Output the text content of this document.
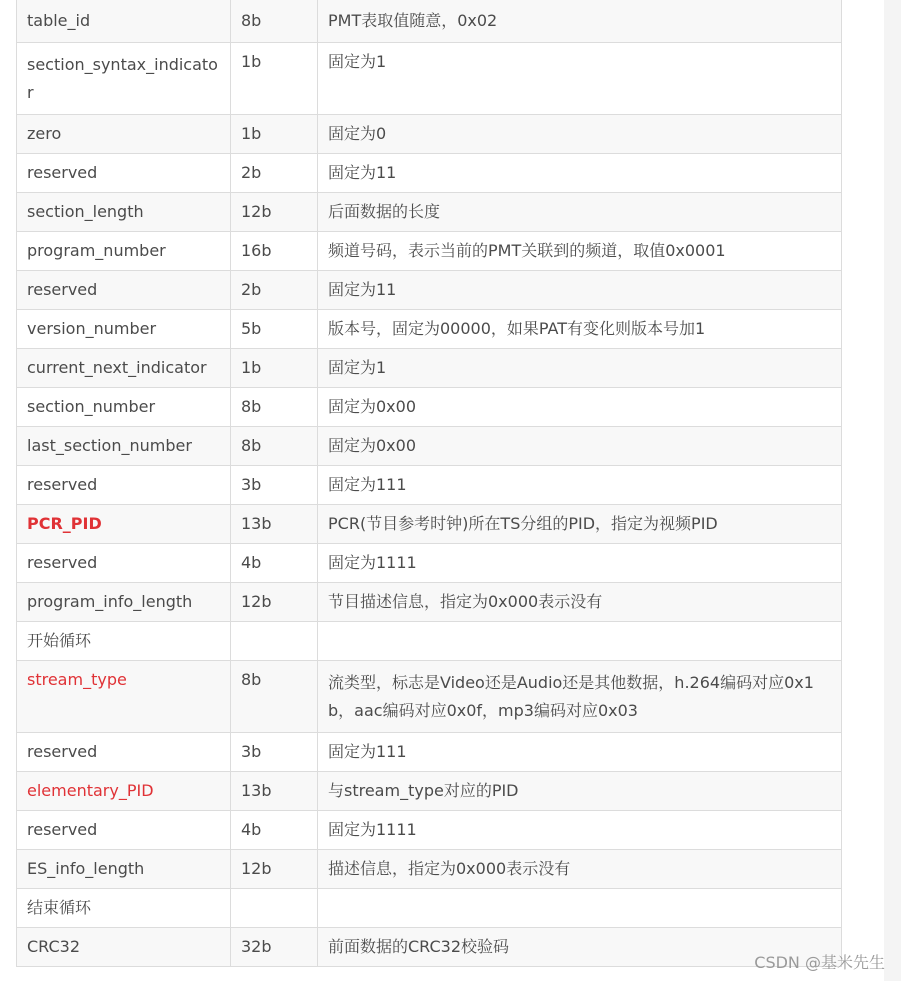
table_id	8b	PMT表取值随意，0x02
section_syntax_indicator	1b	固定为1
zero	1b	固定为0
reserved	2b	固定为11
section_length	12b	后面数据的长度
program_number	16b	频道号码，表示当前的PMT关联到的频道，取值0x0001
reserved	2b	固定为11
version_number	5b	版本号，固定为00000，如果PAT有变化则版本号加1
current_next_indicator	1b	固定为1
section_number	8b	固定为0x00
last_section_number	8b	固定为0x00
reserved	3b	固定为111
PCR_PID	13b	PCR(节目参考时钟)所在TS分组的PID，指定为视频PID
reserved	4b	固定为1111
program_info_length	12b	节目描述信息，指定为0x000表示没有
开始循环		
stream_type	8b	流类型，标志是Video还是Audio还是其他数据，h.264编码对应0x1b，aac编码对应0x0f，mp3编码对应0x03
reserved	3b	固定为111
elementary_PID	13b	与stream_type对应的PID
reserved	4b	固定为1111
ES_info_length	12b	描述信息，指定为0x000表示没有
结束循环		
CRC32	32b	前面数据的CRC32校验码
CSDN @基米先生
